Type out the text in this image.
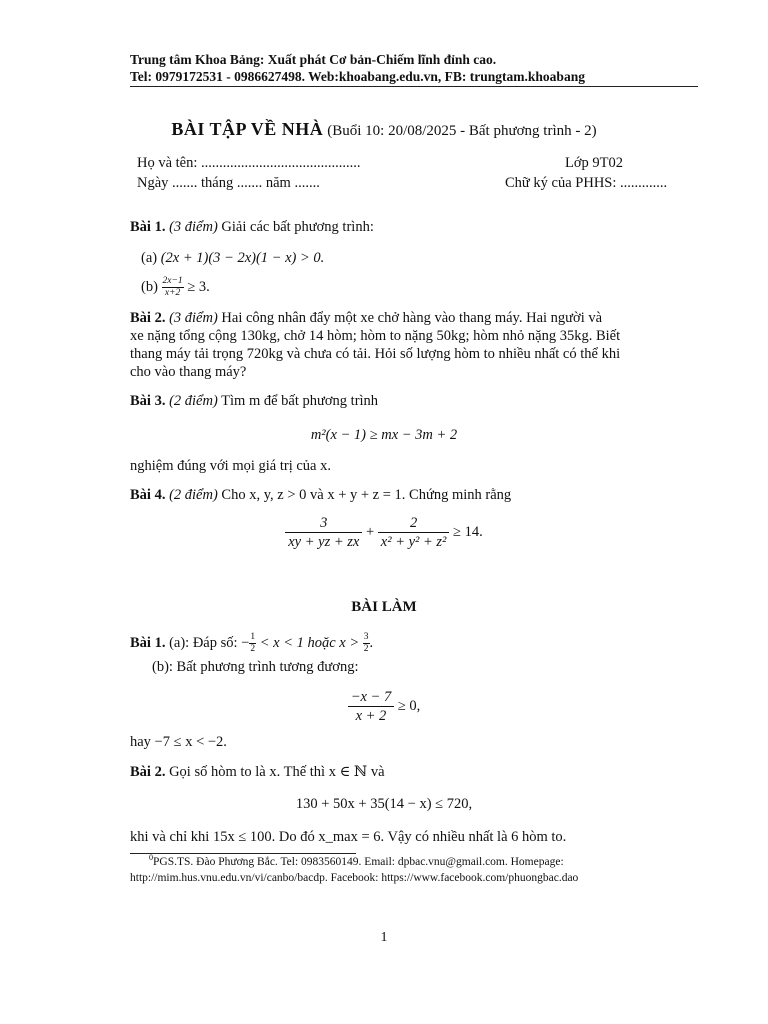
Trung tâm Khoa Bảng: Xuất phát Cơ bản-Chiếm lĩnh đỉnh cao.
Tel: 0979172531 - 0986627498. Web:khoabang.edu.vn, FB: trungtam.khoabang
BÀI TẬP VỀ NHÀ (Buổi 10: 20/08/2025 - Bất phương trình - 2)
Họ và tên: ............................................	Lớp 9T02
Ngày ....... tháng ....... năm .......	Chữ ký của PHHS: .............
Bài 1. (3 điểm) Giải các bất phương trình:
(a) (2x + 1)(3 − 2x)(1 − x) > 0.
$(b) \frac{2x-1}{x+2} \ge 3$.
Bài 2. (3 điểm) Hai công nhân đẩy một xe chở hàng vào thang máy. Hai người và
xe nặng tổng cộng 130kg, chở 14 hòm; hòm to nặng 50kg; hòm nhỏ nặng 35kg. Biết
thang máy tải trọng 720kg và chưa có tải. Hỏi số lượng hòm to nhiều nhất có thể khi
cho vào thang máy?
Bài 3. (2 điểm) Tìm m để bất phương trình
m²(x − 1) ≥ mx − 3m + 2
nghiệm đúng với mọi giá trị của x.
Bài 4. (2 điểm) Cho x, y, z > 0 và x + y + z = 1. Chứng minh rằng
$\frac{3}{xy + yz + zx} + \frac{2}{\text{x² + y² + z²}} \ge 14$.
BÀI LÀM
Bài 1. (a): Đáp số: − $\frac{1}{2} < x < 1$ hoặc $x > \frac{3}{2}$ .
(b): Bất phương trình tương đương:
$\frac{-x - 7}{x + 2} \ge 0$,
hay −7 ≤ x < −2.
Bài 2. Gọi số hòm to là x. Thế thì x ∈ ℕ và
130 + 50x + 35(14 − x) ≤ 720,
khi và chỉ khi 15x ≤ 100. Do đó x_max = 6. Vậy có nhiều nhất là 6 hòm to.
$^0$PGS.TS. Đào Phương Bắc. Tel: 0983560149. Email: dpbac.vnu@gmail.com. Homepage:
http://mim.hus.vnu.edu.vn/vi/canbo/bacdp. Facebook: https://www.facebook.com/phuongbac.dao
1
